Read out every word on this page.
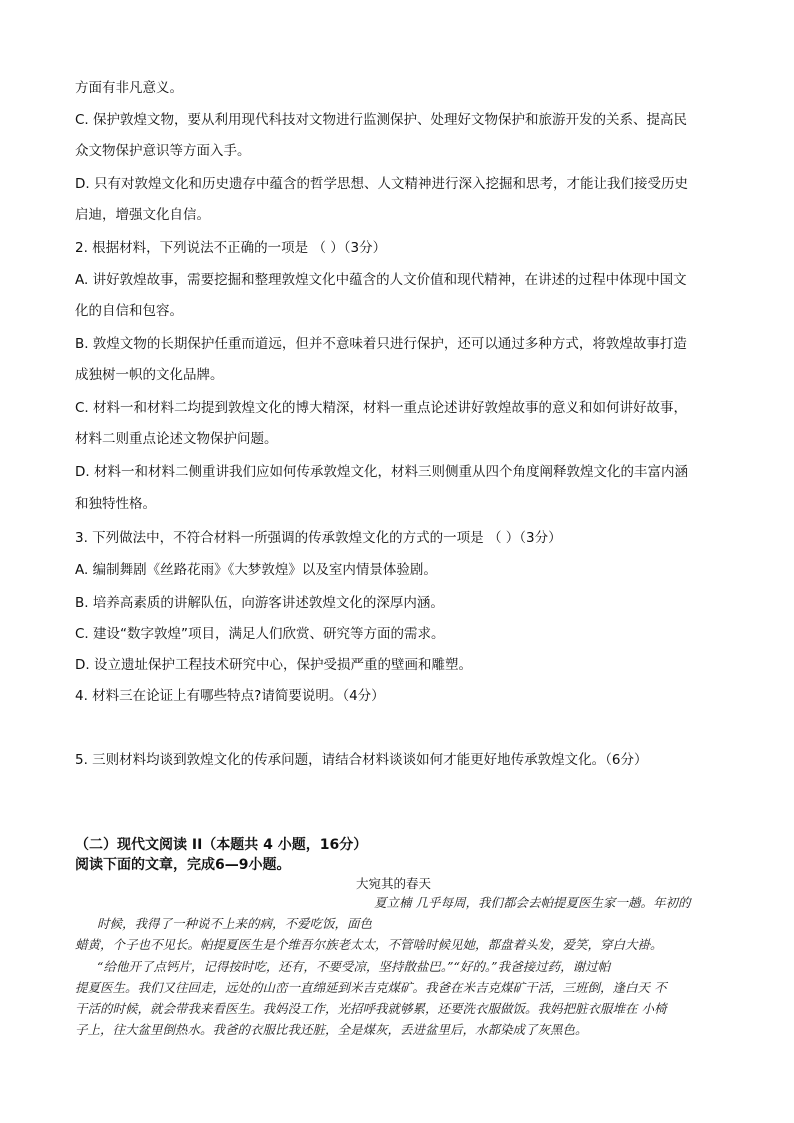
方面有非凡意义。
C. 保护敦煌文物，要从利用现代科技对文物进行监测保护、处理好文物保护和旅游开发的关系、提高民
众文物保护意识等方面入手。
D. 只有对敦煌文化和历史遗存中蕴含的哲学思想、人文精神进行深入挖掘和思考，才能让我们接受历史
启迪，增强文化自信。
2. 根据材料，下列说法不正确的一项是 （ ）（3分）
A. 讲好敦煌故事，需要挖掘和整理敦煌文化中蕴含的人文价值和现代精神，在讲述的过程中体现中国文
化的自信和包容。
B. 敦煌文物的长期保护任重而道远，但并不意味着只进行保护，还可以通过多种方式，将敦煌故事打造
成独树一帜的文化品牌。
C. 材料一和材料二均提到敦煌文化的博大精深，材料一重点论述讲好敦煌故事的意义和如何讲好故事，
材料二则重点论述文物保护问题。
D. 材料一和材料二侧重讲我们应如何传承敦煌文化，材料三则侧重从四个角度阐释敦煌文化的丰富内涵
和独特性格。
3. 下列做法中，不符合材料一所强调的传承敦煌文化的方式的一项是 （ ）（3分）
A. 编制舞剧《丝路花雨》《大梦敦煌》以及室内情景体验剧。
B. 培养高素质的讲解队伍，向游客讲述敦煌文化的深厚内涵。
C. 建设“数字敦煌”项目，满足人们欣赏、研究等方面的需求。
D. 设立遗址保护工程技术研究中心，保护受损严重的壁画和雕塑。
4. 材料三在论证上有哪些特点?请简要说明。（4分）
5. 三则材料均谈到敦煌文化的传承问题，请结合材料谈谈如何才能更好地传承敦煌文化。（6分）
（二）现代文阅读 II（本题共 4 小题，16分）
阅读下面的文章，完成6—9小题。
大宛其的春天
夏立楠 几乎每周，我们都会去帕提夏医生家一趟。年初的
时候，我得了一种说不上来的病，不爱吃饭，面色
蜡黄，个子也不见长。帕提夏医生是个维吾尔族老太太，不管啥时候见她，都盘着头发，爱笑，穿白大褂。
“给他开了点钙片，记得按时吃，还有，不要受凉，坚持散盐巴。”“好的。”我爸接过药，谢过帕
提夏医生。我们又往回走，远处的山峦一直绵延到米吉克煤矿。我爸在米吉克煤矿干活，三班倒，逢白天 不
干活的时候，就会带我来看医生。我妈没工作，光招呼我就够累，还要洗衣服做饭。我妈把脏衣服堆在 小椅
子上，往大盆里倒热水。我爸的衣服比我还脏，全是煤灰，丢进盆里后，水都染成了灰黑色。
